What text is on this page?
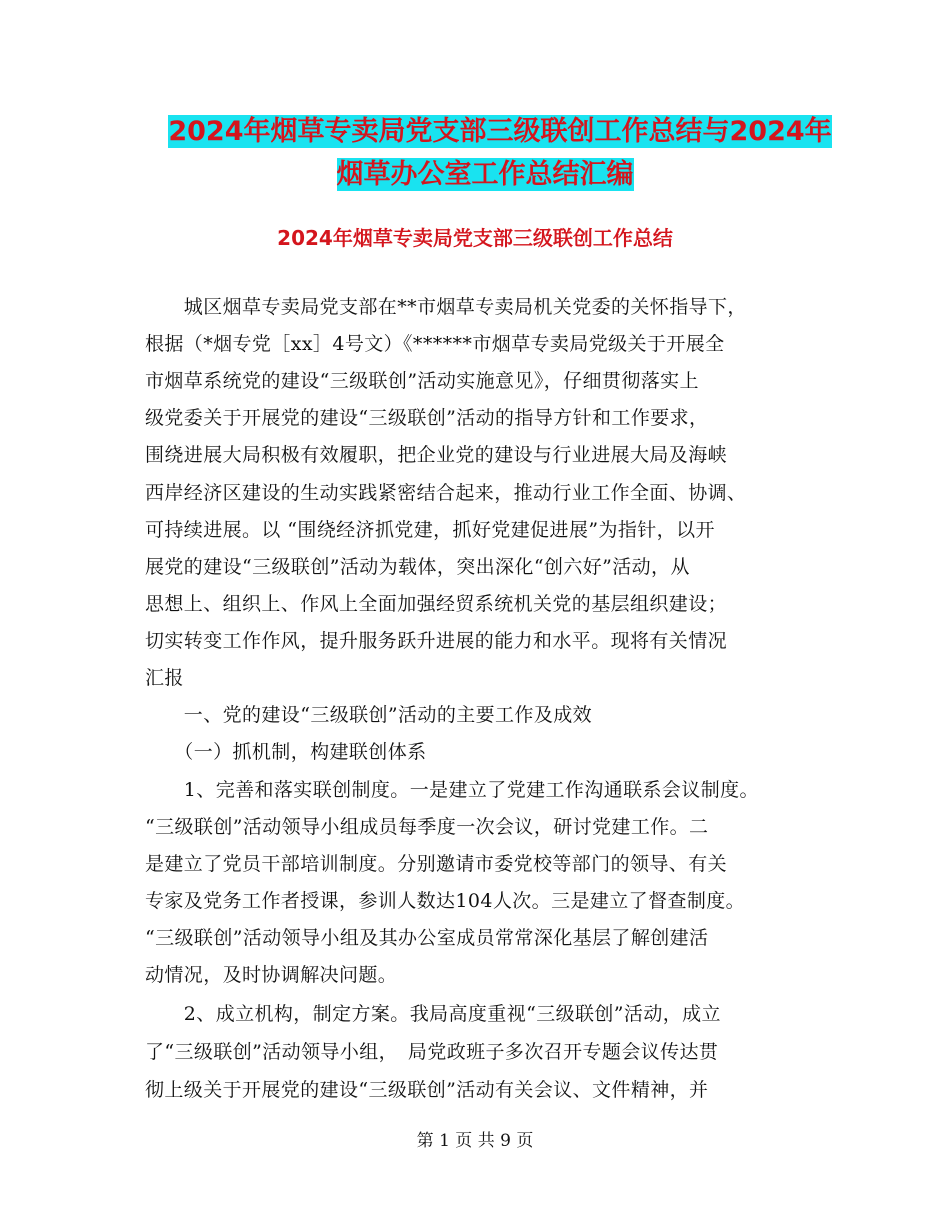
2024年烟草专卖局党支部三级联创工作总结与2024年
烟草办公室工作总结汇编
2024年烟草专卖局党支部三级联创工作总结
　　城区烟草专卖局党支部在**市烟草专卖局机关党委的关怀指导下，
根据（*烟专党［xx］4号文）《******市烟草专卖局党级关于开展全
市烟草系统党的建设“三级联创”活动实施意见》，仔细贯彻落实上
级党委关于开展党的建设“三级联创”活动的指导方针和工作要求，
围绕进展大局积极有效履职，把企业党的建设与行业进展大局及海峡
西岸经济区建设的生动实践紧密结合起来，推动行业工作全面、协调、
可持续进展。以 “围绕经济抓党建，抓好党建促进展”为指针，以开
展党的建设“三级联创”活动为载体，突出深化“创六好”活动，从
思想上、组织上、作风上全面加强经贸系统机关党的基层组织建设；
切实转变工作作风，提升服务跃升进展的能力和水平。现将有关情况
汇报
　　一、党的建设“三级联创”活动的主要工作及成效
　　（一）抓机制，构建联创体系
　　1、完善和落实联创制度。一是建立了党建工作沟通联系会议制度。
“三级联创”活动领导小组成员每季度一次会议，研讨党建工作。二
是建立了党员干部培训制度。分别邀请市委党校等部门的领导、有关
专家及党务工作者授课，参训人数达104人次。三是建立了督查制度。
“三级联创”活动领导小组及其办公室成员常常深化基层了解创建活
动情况，及时协调解决问题。
　　2、成立机构，制定方案。我局高度重视“三级联创”活动，成立
了“三级联创”活动领导小组，　局党政班子多次召开专题会议传达贯
彻上级关于开展党的建设“三级联创”活动有关会议、文件精神，并
第 1 页 共 9 页
